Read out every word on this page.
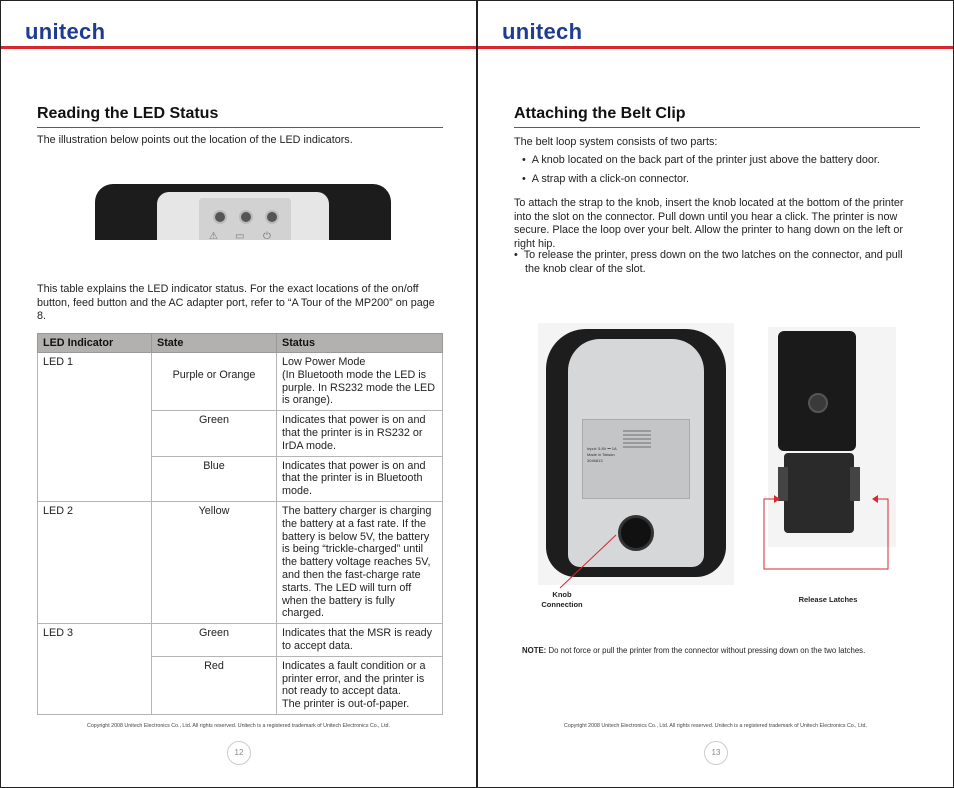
unitech
Reading the LED Status
The illustration below points out the location of the LED indicators.
⚠ ▭ ⏻
This table explains the LED indicator status. For the exact locations of the on/off button, feed button and the AC adapter port, refer to “A Tour of the MP200” on page 8.
LED Indicator	State	Status
LED 1	Purple or Orange	Low Power Mode
(In Bluetooth mode the LED is purple. In RS232 mode the LED is orange).
	Green	Indicates that power is on and that the printer is in RS232 or IrDA mode.
	Blue	Indicates that power is on and that the printer is in Bluetooth mode.
LED 2	Yellow	The battery charger is charging the battery at a fast rate. If the battery is below 5V, the battery is being “trickle-charged” until the battery voltage reaches 5V, and then the fast-charge rate starts. The LED will turn off when the battery is fully charged.
LED 3	Green	Indicates that the MSR is ready to accept data.
	Red	Indicates a fault condition or a printer error, and the printer is not ready to accept data.
The printer is out-of-paper.
Copyright 2008 Unitech Electronics Co., Ltd. All rights reserved. Unitech is a registered trademark of Unitech Electronics Co., Ltd.
12
unitech
Attaching the Belt Clip
The belt loop system consists of two parts:
•  A knob located on the back part of the printer just above the battery door.
•  A strap with a click-on connector.
To attach the strap to the knob, insert the knob located at the bottom of the printer into the slot on the connector. Pull down until you hear a click. The printer is now secure. Place the loop over your belt. Allow the printer to hang down on the left or right hip.
•  To release the printer, press down on the two latches on the connector, and pull the knob clear of the slot.
Input: 5.8V ⎓ 1A
Made in Taiwan
3046813
Knob
Connection
Release Latches
NOTE: Do not force or pull the printer from the connector without pressing down on the two latches.
Copyright 2008 Unitech Electronics Co., Ltd. All rights reserved. Unitech is a registered trademark of Unitech Electronics Co., Ltd.
13
